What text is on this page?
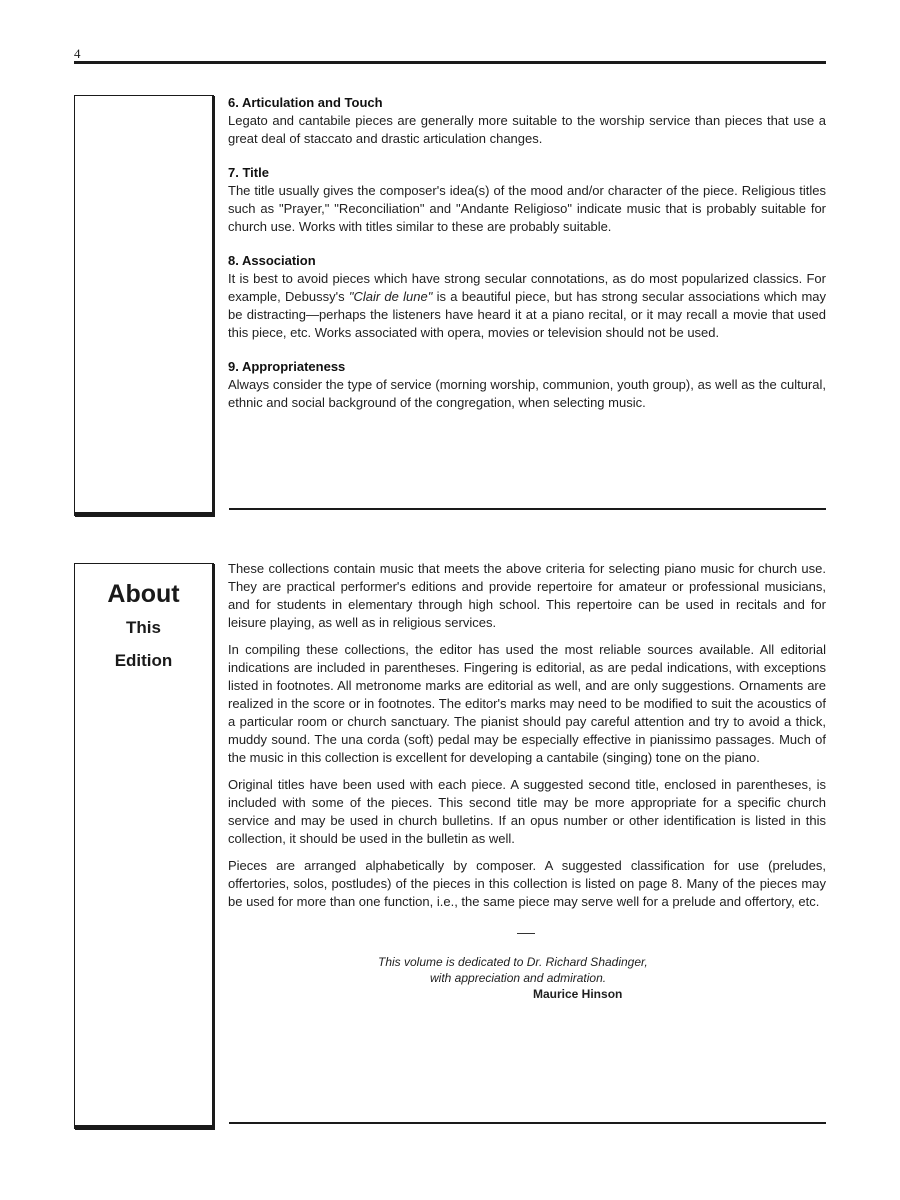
4
6. Articulation and Touch

Legato and cantabile pieces are generally more suitable to the worship service than pieces that use a great deal of staccato and drastic articulation changes.

7. Title

The title usually gives the composer's idea(s) of the mood and/or character of the piece. Religious titles such as "Prayer," "Reconciliation" and "Andante Religioso" indicate music that is probably suitable for church use. Works with titles similar to these are probably suitable.

8. Association

It is best to avoid pieces which have strong secular connotations, as do most popularized classics. For example, Debussy's "Clair de lune" is a beautiful piece, but has strong secular associations which may be distracting—perhaps the listeners have heard it at a piano recital, or it may recall a movie that used this piece, etc. Works associated with opera, movies or television should not be used.

9. Appropriateness

Always consider the type of service (morning worship, communion, youth group), as well as the cultural, ethnic and social background of the congregation, when selecting music.

About
This
Edition

These collections contain music that meets the above criteria for selecting piano music for church use. They are practical performer's editions and provide repertoire for amateur or professional musicians, and for students in elementary through high school. This repertoire can be used in recitals and for leisure playing, as well as in religious services.

In compiling these collections, the editor has used the most reliable sources available. All editorial indications are included in parentheses. Fingering is editorial, as are pedal indications, with exceptions listed in footnotes. All metronome marks are editorial as well, and are only suggestions. Ornaments are realized in the score or in footnotes. The editor's marks may need to be modified to suit the acoustics of a particular room or church sanctuary. The pianist should pay careful attention and try to avoid a thick, muddy sound. The una corda (soft) pedal may be especially effective in pianissimo passages. Much of the music in this collection is excellent for developing a cantabile (singing) tone on the piano.

Original titles have been used with each piece. A suggested second title, enclosed in parentheses, is included with some of the pieces. This second title may be more appropriate for a specific church service and may be used in church bulletins. If an opus number or other identification is listed in this collection, it should be used in the bulletin as well.

Pieces are arranged alphabetically by composer. A suggested classification for use (preludes, offertories, solos, postludes) of the pieces in this collection is listed on page 8. Many of the pieces may be used for more than one function, i.e., the same piece may serve well for a prelude and offertory, etc.

This volume is dedicated to Dr. Richard Shadinger,
with appreciation and admiration.
Maurice Hinson
